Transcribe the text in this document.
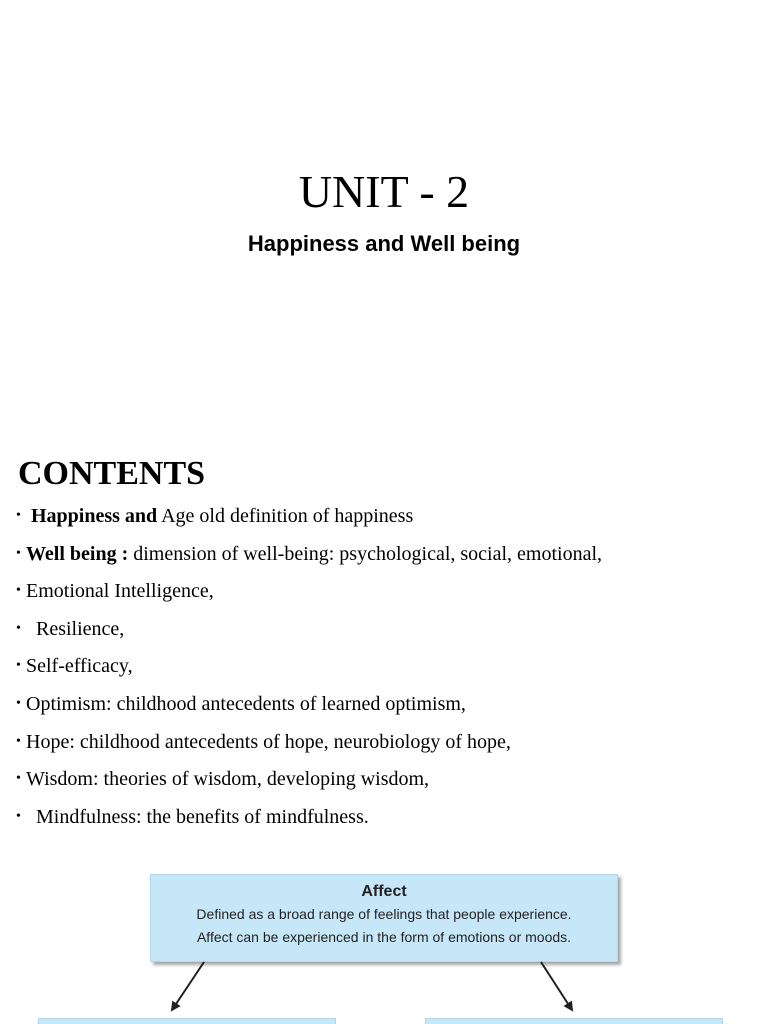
UNIT - 2
Happiness and Well being
CONTENTS
• Happiness and Age old definition of happiness
• Well being : dimension of well-being: psychological, social, emotional,
• Emotional Intelligence,
• Resilience,
• Self-efficacy,
• Optimism: childhood antecedents of learned optimism,
• Hope: childhood antecedents of hope, neurobiology of hope,
• Wisdom: theories of wisdom, developing wisdom,
• Mindfulness: the benefits of mindfulness.
Affect
Defined as a broad range of feelings that people experience.
Affect can be experienced in the form of emotions or moods.
